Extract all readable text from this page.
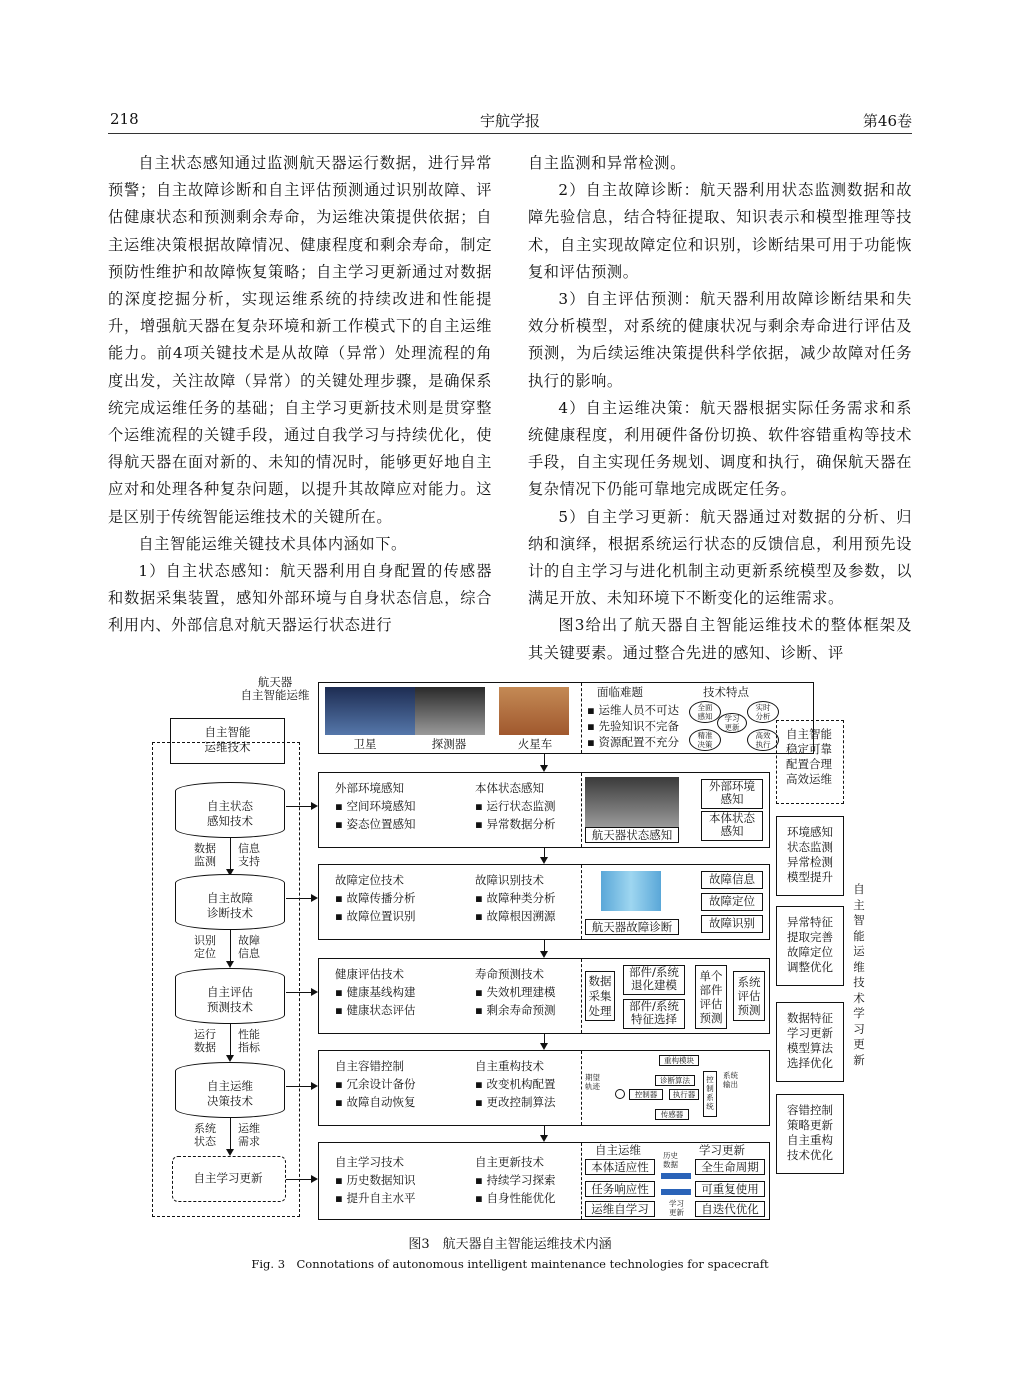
218	宇航学报	第46卷

自主状态感知通过监测航天器运行数据，进行异常预警；自主故障诊断和自主评估预测通过识别故障、评估健康状态和预测剩余寿命，为运维决策提供依据；自主运维决策根据故障情况、健康程度和剩余寿命，制定预防性维护和故障恢复策略；自主学习更新通过对数据的深度挖掘分析，实现运维系统的持续改进和性能提升，增强航天器在复杂环境和新工作模式下的自主运维能力。前4项关键技术是从故障（异常）处理流程的角度出发，关注故障（异常）的关键处理步骤，是确保系统完成运维任务的基础；自主学习更新技术则是贯穿整个运维流程的关键手段，通过自我学习与持续优化，使得航天器在面对新的、未知的情况时，能够更好地自主应对和处理各种复杂问题，以提升其故障应对能力。这是区别于传统智能运维技术的关键所在。

自主智能运维关键技术具体内涵如下。

1）自主状态感知：航天器利用自身配置的传感器和数据采集装置，感知外部环境与自身状态信息，综合利用内、外部信息对航天器运行状态进行

自主监测和异常检测。

2）自主故障诊断：航天器利用状态监测数据和故障先验信息，结合特征提取、知识表示和模型推理等技术，自主实现故障定位和识别，诊断结果可用于功能恢复和评估预测。

3）自主评估预测：航天器利用故障诊断结果和失效分析模型，对系统的健康状况与剩余寿命进行评估及预测，为后续运维决策提供科学依据，减少故障对任务执行的影响。

4）自主运维决策：航天器根据实际任务需求和系统健康程度，利用硬件备份切换、软件容错重构等技术手段，自主实现任务规划、调度和执行，确保航天器在复杂情况下仍能可靠地完成既定任务。

5）自主学习更新：航天器通过对数据的分析、归纳和演绎，根据系统运行状态的反馈信息，利用预先设计的自主学习与进化机制主动更新系统模型及参数，以满足开放、未知环境下不断变化的运维需求。

图3给出了航天器自主智能运维技术的整体框架及其关键要素。通过整合先进的感知、诊断、评

航天器
自主智能运维
自主智能
运维技术
自主状态
感知技术
数据
监测
信息
支持
自主故障
诊断技术
识别
定位
故障
信息
自主评估
预测技术
运行
数据
性能
指标
自主运维
决策技术
系统
状态
运维
需求
自主学习更新
卫星	探测器	火星车
面临难题
▪ 运维人员不可达
▪ 先验知识不完备
▪ 资源配置不充分
技术特点
全面
感知	学习
更新
实时
分析
精准
决策
高效
执行
外部环境感知
▪ 空间环境感知
▪ 姿态位置感知
本体状态感知
▪ 运行状态监测
▪ 异常数据分析
航天器状态感知
外部环境
感知
本体状态
感知
故障定位技术
▪ 故障传播分析
▪ 故障位置识别
故障识别技术
▪ 故障种类分析
▪ 故障根因溯源
航天器故障诊断
故障信息
故障定位
故障识别
健康评估技术
▪ 健康基线构建
▪ 健康状态评估
寿命预测技术
▪ 失效机理建模
▪ 剩余寿命预测
数据
采集
处理
部件/系统
退化建模
部件/系统
特征选择
单个
部件
评估
预测
系统
评估
预测
自主容错控制
▪ 冗余设计备份
▪ 故障自动恢复
自主重构技术
▪ 改变机构配置
▪ 更改控制算法
期望
轨迹
重构模块
诊断算法
控制器	执行器
控
制
系
统
系统
输出
传感器
自主学习技术
▪ 历史数据知识
▪ 提升自主水平
自主更新技术
▪ 持续学习探索
▪ 自身性能优化
自主运维	学习更新
本体适应性
任务响应性
运维自学习
历史
数据
学习
更新
全生命周期
可重复使用
自迭代优化
自主智能
稳定可靠
配置合理
高效运维
环境感知
状态监测
异常检测
模型提升
异常特征
提取完善
故障定位
调整优化
数据特征
学习更新
模型算法
选择优化
容错控制
策略更新
自主重构
技术优化
自主智能运维技术学习更新
图3　航天器自主智能运维技术内涵
Fig. 3　Connotations of autonomous intelligent maintenance technologies for spacecraft
